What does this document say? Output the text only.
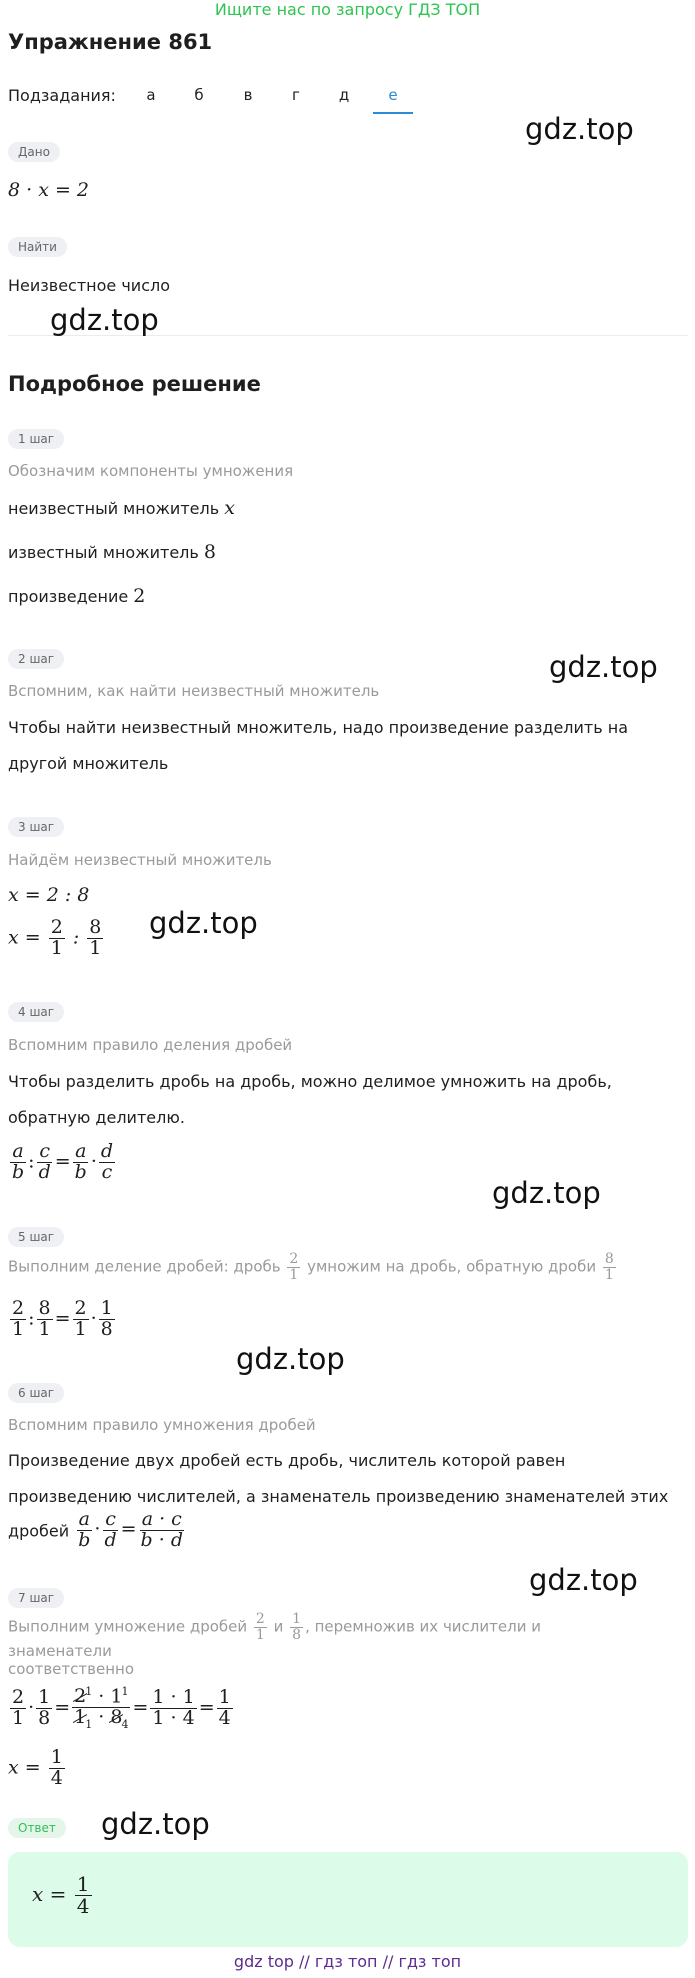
Ищите нас по запросу ГДЗ ТОП
Упражнение 861
Подзадания:	а	б	в	г	д	е
Дано
8 · x = 2
Найти
Неизвестное число
Подробное решение
1 шаг
Обозначим компоненты умножения
неизвестный множитель x
известный множитель 8
произведение 2
2 шаг
Вспомним, как найти неизвестный множитель
Чтобы найти неизвестный множитель, надо произведение разделить на
другой множитель
3 шаг
Найдём неизвестный множитель
x = 2 : 8
$x = \frac{2}{1}$ : $\frac{8}{1}$
4 шаг
Вспомним правило деления дробей
Чтобы разделить дробь на дробь, можно делимое умножить на дробь,
обратную делителю.
$\frac{a}{b}$ : $\frac{c}{d} = \frac{a}{b} \cdot \frac{d}{c}$
5 шаг
Выполним деление дробей: дробь $\frac{2}{1}$ умножим на дробь, обратную дроби $\frac{8}{1}$
$\frac{2}{1}$ : $\frac{8}{1} = \frac{2}{1} \cdot \frac{1}{8}$
6 шаг
Вспомним правило умножения дробей
Произведение двух дробей есть дробь, числитель которой равен
произведению числителей, а знаменатель произведению знаменателей этих
дробей $\frac{a}{b} \cdot \frac{c}{d} = \frac{a \cdot c}{b \cdot d}$
7 шаг
Выполним умножение дробей $\frac{2}{1}$ и $\frac{1}{8}$ , перемножив их числители и знаменатели
соответственно
$\frac{2}{1} \cdot \frac{1}{8} = \frac{2^1 \cdot 1^1}{1_1 \cdot 8_4} = \frac{1 \cdot 1}{1 \cdot 4} = \frac{1}{4}$
$x = \frac{1}{4}$
Ответ
$x = \frac{1}{4}$
gdz.top
gdz.top
gdz.top
gdz.top
gdz.top
gdz.top
gdz.top
gdz.top
gdz top // гдз топ // гдз топ
